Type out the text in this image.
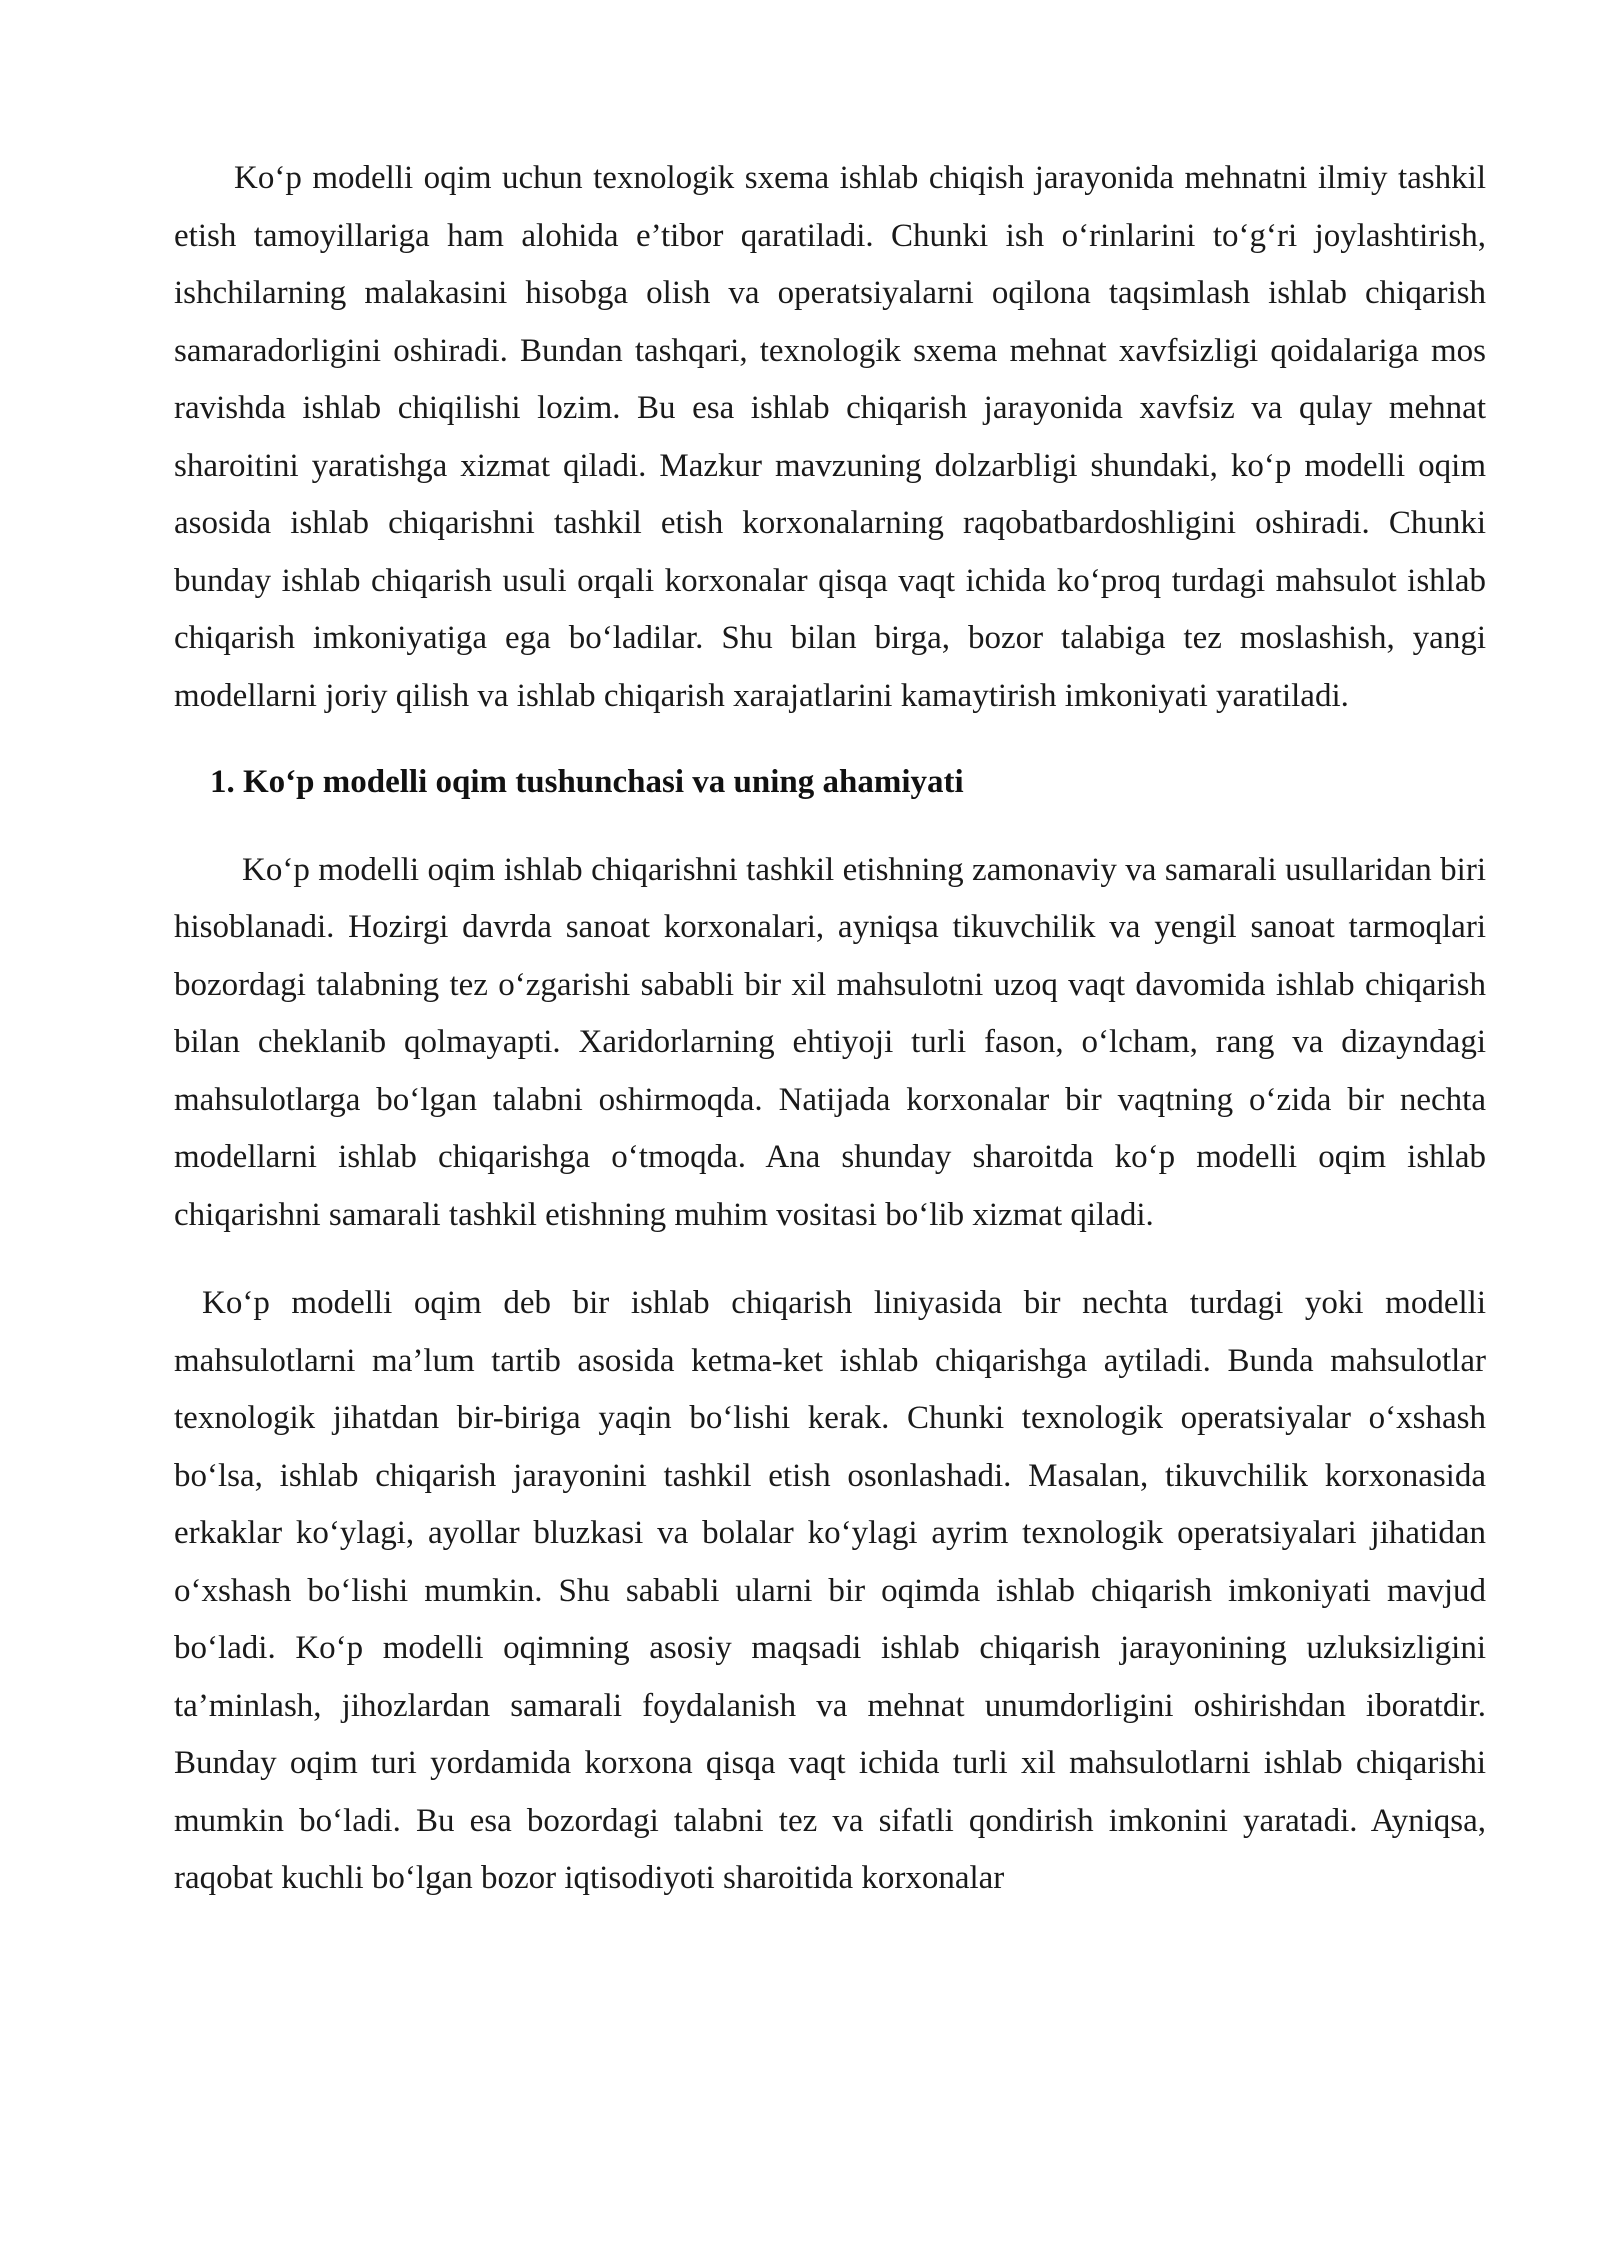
Ko‘p modelli oqim uchun texnologik sxema ishlab chiqish jarayonida mehnatni ilmiy tashkil etish tamoyillariga ham alohida e’tibor qaratiladi. Chunki ish o‘rinlarini to‘g‘ri joylashtirish, ishchilarning malakasini hisobga olish va operatsiyalarni oqilona taqsimlash ishlab chiqarish samaradorligini oshiradi. Bundan tashqari, texnologik sxema mehnat xavfsizligi qoidalariga mos ravishda ishlab chiqilishi lozim. Bu esa ishlab chiqarish jarayonida xavfsiz va qulay mehnat sharoitini yaratishga xizmat qiladi. Mazkur mavzuning dolzarbligi shundaki, ko‘p modelli oqim asosida ishlab chiqarishni tashkil etish korxonalarning raqobatbardoshligini oshiradi. Chunki bunday ishlab chiqarish usuli orqali korxonalar qisqa vaqt ichida ko‘proq turdagi mahsulot ishlab chiqarish imkoniyatiga ega bo‘ladilar. Shu bilan birga, bozor talabiga tez moslashish, yangi modellarni joriy qilish va ishlab chiqarish xarajatlarini kamaytirish imkoniyati yaratiladi.

1. Ko‘p modelli oqim tushunchasi va uning ahamiyati

Ko‘p modelli oqim ishlab chiqarishni tashkil etishning zamonaviy va samarali usullaridan biri hisoblanadi. Hozirgi davrda sanoat korxonalari, ayniqsa tikuvchilik va yengil sanoat tarmoqlari bozordagi talabning tez o‘zgarishi sababli bir xil mahsulotni uzoq vaqt davomida ishlab chiqarish bilan cheklanib qolmayapti. Xaridorlarning ehtiyoji turli fason, o‘lcham, rang va dizayndagi mahsulotlarga bo‘lgan talabni oshirmoqda. Natijada korxonalar bir vaqtning o‘zida bir nechta modellarni ishlab chiqarishga o‘tmoqda. Ana shunday sharoitda ko‘p modelli oqim ishlab chiqarishni samarali tashkil etishning muhim vositasi bo‘lib xizmat qiladi.

Ko‘p modelli oqim deb bir ishlab chiqarish liniyasida bir nechta turdagi yoki modelli mahsulotlarni ma’lum tartib asosida ketma-ket ishlab chiqarishga aytiladi. Bunda mahsulotlar texnologik jihatdan bir-biriga yaqin bo‘lishi kerak. Chunki texnologik operatsiyalar o‘xshash bo‘lsa, ishlab chiqarish jarayonini tashkil etish osonlashadi. Masalan, tikuvchilik korxonasida erkaklar ko‘ylagi, ayollar bluzkasi va bolalar ko‘ylagi ayrim texnologik operatsiyalari jihatidan o‘xshash bo‘lishi mumkin. Shu sababli ularni bir oqimda ishlab chiqarish imkoniyati mavjud bo‘ladi. Ko‘p modelli oqimning asosiy maqsadi ishlab chiqarish jarayonining uzluksizligini ta’minlash, jihozlardan samarali foydalanish va mehnat unumdorligini oshirishdan iboratdir. Bunday oqim turi yordamida korxona qisqa vaqt ichida turli xil mahsulotlarni ishlab chiqarishi mumkin bo‘ladi. Bu esa bozordagi talabni tez va sifatli qondirish imkonini yaratadi. Ayniqsa, raqobat kuchli bo‘lgan bozor iqtisodiyoti sharoitida korxonalar
